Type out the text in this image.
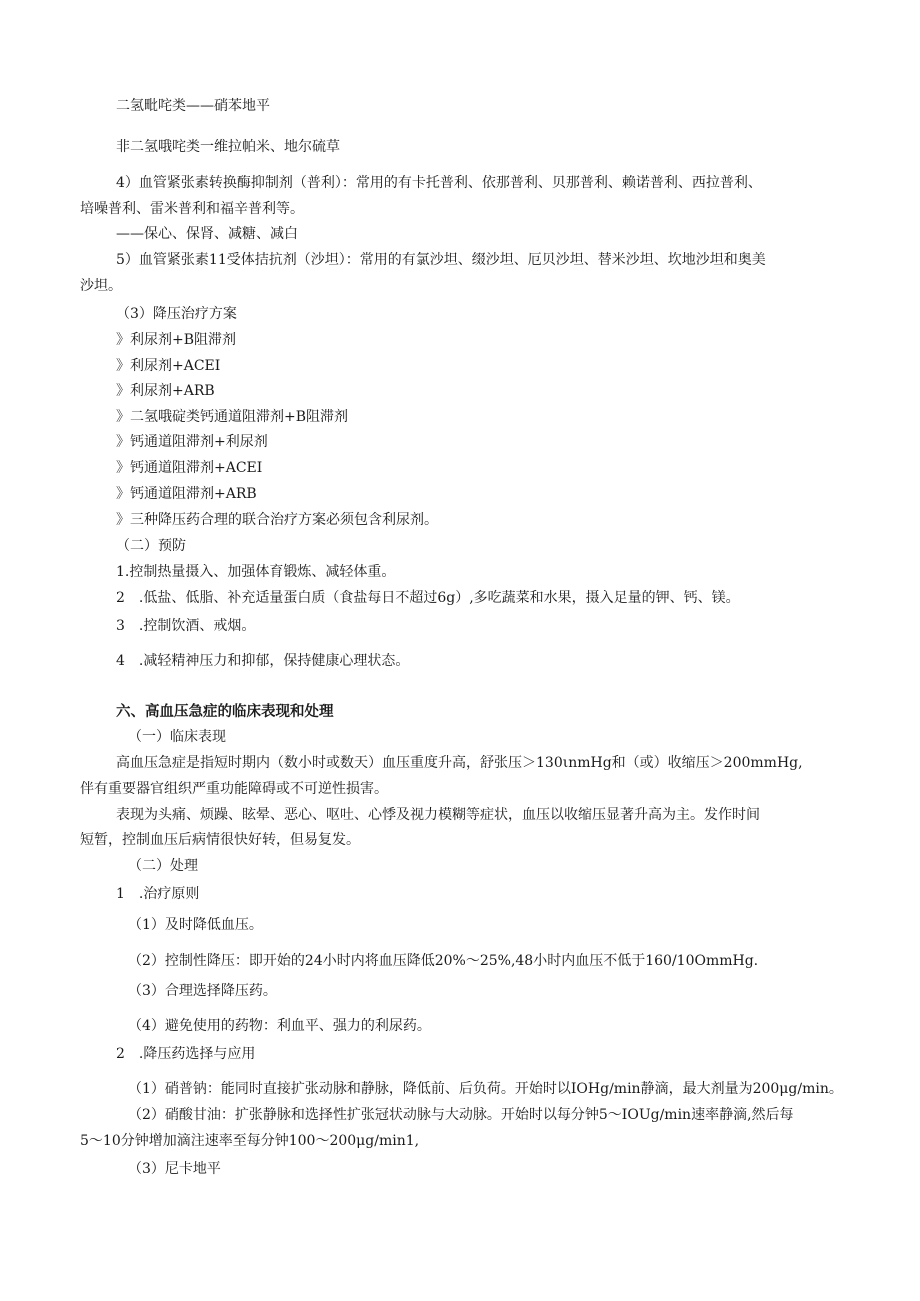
二氢毗咤类——硝苯地平
非二氢哦咤类一维拉帕米、地尔硫草
4）血管紧张素转换酶抑制剂（普利）：常用的有卡托普利、依那普利、贝那普利、赖诺普利、西拉普利、
培噪普利、雷米普利和福辛普利等。
——保心、保肾、减糖、减白
5）血管紧张素11受体拮抗剂（沙坦）：常用的有氯沙坦、缀沙坦、厄贝沙坦、替米沙坦、坎地沙坦和奥美
沙坦。
（3）降压治疗方案
》利尿剂+B阻滞剂
》利尿剂+ACEI
》利尿剂+ARB
》二氢哦碇类钙通道阻滞剂+B阻滞剂
》钙通道阻滞剂+利尿剂
》钙通道阻滞剂+ACEI
》钙通道阻滞剂+ARB
》三种降压药合理的联合治疗方案必须包含利尿剂。
（二）预防
1.控制热量摄入、加强体育锻炼、减轻体重。
2　.低盐、低脂、补充适量蛋白质（食盐每日不超过6g）,多吃蔬菜和水果，摄入足量的钾、钙、镁。
3　.控制饮酒、戒烟。
4　.减轻精神压力和抑郁，保持健康心理状态。
六、高血压急症的临床表现和处理
（一）临床表现
高血压急症是指短时期内（数小时或数天）血压重度升高，舒张压＞130ιnmHg和（或）收缩压＞200mmHg,
伴有重要器官组织严重功能障碍或不可逆性损害。
表现为头痛、烦躁、眩晕、恶心、呕吐、心悸及视力模糊等症状，血压以收缩压显著升高为主。发作时间
短暂，控制血压后病情很快好转，但易复发。
（二）处理
1　.治疗原则
（1）及时降低血压。
（2）控制性降压：即开始的24小时内将血压降低20%～25%,48小时内血压不低于160/10OmmHg.
（3）合理选择降压药。
（4）避免使用的药物：利血平、强力的利尿药。
2　.降压药选择与应用
（1）硝普钠：能同时直接扩张动脉和静脉，降低前、后负荷。开始时以IOHg∕min静滴，最大剂量为200μg∕min。
（2）硝酸甘油：扩张静脉和选择性扩张冠状动脉与大动脉。开始时以每分钟5～IOUg∕min速率静滴,然后每
5～10分钟增加滴注速率至每分钟100～200μg∕min1,
（3）尼卡地平
